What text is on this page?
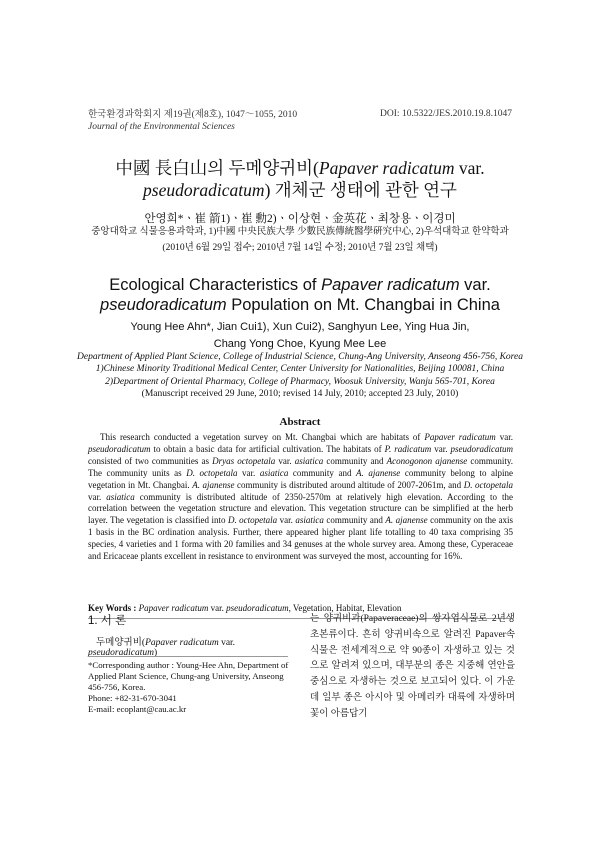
한국환경과학회지 제19권(제8호), 1047～1055, 2010
Journal of the Environmental Sciences
DOI: 10.5322/JES.2010.19.8.1047
中國 長白山의 두메양귀비(Papaver radicatum var.
pseudoradicatum) 개체군 생태에 관한 연구
안영희*ㆍ崔 箭1)ㆍ崔 勳2)ㆍ이상현ㆍ金英花ㆍ최창용ㆍ이경미
중앙대학교 식물응용과학과, 1)中國 中央民族大學 少數民族傳統醫學硏究中心, 2)우석대학교 한약학과
(2010년 6월 29일 접수; 2010년 7월 14일 수정; 2010년 7월 23일 채택)
Ecological Characteristics of Papaver radicatum var.
pseudoradicatum Population on Mt. Changbai in China
Young Hee Ahn*, Jian Cui1), Xun Cui2), Sanghyun Lee, Ying Hua Jin,
Chang Yong Choe, Kyung Mee Lee
Department of Applied Plant Science, College of Industrial Science, Chung-Ang University, Anseong 456-756, Korea
1)Chinese Minority Traditional Medical Center, Center University for Nationalities, Beijing 100081, China
2)Department of Oriental Pharmacy, College of Pharmacy, Woosuk University, Wanju 565-701, Korea
(Manuscript received 29 June, 2010; revised 14 July, 2010; accepted 23 July, 2010)
Abstract

This research conducted a vegetation survey on Mt. Changbai which are habitats of Papaver radicatum var. pseudoradicatum to obtain a basic data for artificial cultivation. The habitats of P. radicatum var. pseudoradicatum consisted of two communities as Dryas octopetala var. asiatica community and Aconogonon ajanense community. The community units as D. octopetala var. asiatica community and A. ajanense community belong to alpine vegetation in Mt. Changbai. A. ajanense community is distributed around altitude of 2007-2061m, and D. octopetala var. asiatica community is distributed altitude of 2350-2570m at relatively high elevation. According to the correlation between the vegetation structure and elevation. This vegetation structure can be simplified at the herb layer. The vegetation is classified into D. octopetala var. asiatica community and A. ajanense community on the axis 1 basis in the BC ordination analysis. Further, there appeared higher plant life totalling to 40 taxa comprising 35 species, 4 varieties and 1 forma with 20 families and 34 genuses at the whole survey area. Among these, Cyperaceae and Ericaceae plants excellent in resistance to environment was surveyed the most, accounting for 16%.

Key Words : Papaver radicatum var. pseudoradicatum, Vegetation, Habitat, Elevation
1. 서 론
두메양귀비(Papaver radicatum var. pseudoradicatum)
*Corresponding author : Young-Hee Ahn, Department of Applied Plant Science, Chung-ang University, Anseong 456-756, Korea.
Phone: +82-31-670-3041
E-mail: ecoplant@cau.ac.kr

는 양귀비과(Papaveraceae)의 쌍자엽식물로 2년생 초본류이다. 흔히 양귀비속으로 알려진 Papaver속 식물은 전세계적으로 약 90종이 자생하고 있는 것으로 알려져 있으며, 대부분의 종은 지중해 연안을 중심으로 자생하는 것으로 보고되어 있다. 이 가운데 일부 종은 아시아 및 아메리카 대륙에 자생하며 꽃이 아름답기
